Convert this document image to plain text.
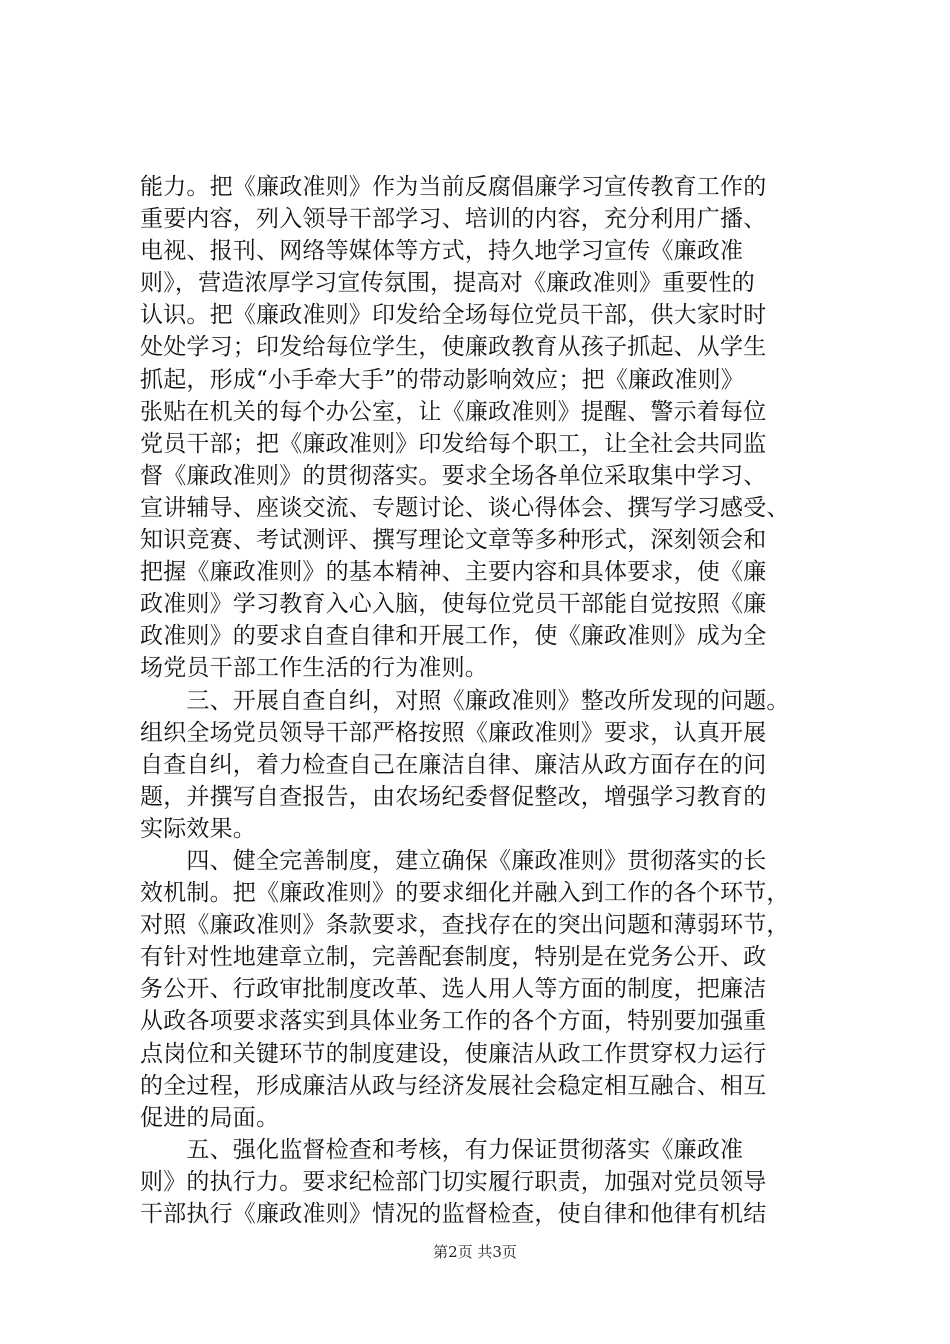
能力。把《廉政准则》作为当前反腐倡廉学习宣传教育工作的
重要内容，列入领导干部学习、培训的内容，充分利用广播、
电视、报刊、网络等媒体等方式，持久地学习宣传《廉政准
则》，营造浓厚学习宣传氛围，提高对《廉政准则》重要性的
认识。把《廉政准则》印发给全场每位党员干部，供大家时时
处处学习；印发给每位学生，使廉政教育从孩子抓起、从学生
抓起，形成“小手牵大手”的带动影响效应；把《廉政准则》
张贴在机关的每个办公室，让《廉政准则》提醒、警示着每位
党员干部；把《廉政准则》印发给每个职工，让全社会共同监
督《廉政准则》的贯彻落实。要求全场各单位采取集中学习、
宣讲辅导、座谈交流、专题讨论、谈心得体会、撰写学习感受、
知识竞赛、考试测评、撰写理论文章等多种形式，深刻领会和
把握《廉政准则》的基本精神、主要内容和具体要求，使《廉
政准则》学习教育入心入脑，使每位党员干部能自觉按照《廉
政准则》的要求自查自律和开展工作，使《廉政准则》成为全
场党员干部工作生活的行为准则。
　　三、开展自查自纠，对照《廉政准则》整改所发现的问题。
组织全场党员领导干部严格按照《廉政准则》要求，认真开展
自查自纠，着力检查自己在廉洁自律、廉洁从政方面存在的问
题，并撰写自查报告，由农场纪委督促整改，增强学习教育的
实际效果。
　　四、健全完善制度，建立确保《廉政准则》贯彻落实的长
效机制。把《廉政准则》的要求细化并融入到工作的各个环节，
对照《廉政准则》条款要求，查找存在的突出问题和薄弱环节，
有针对性地建章立制，完善配套制度，特别是在党务公开、政
务公开、行政审批制度改革、选人用人等方面的制度，把廉洁
从政各项要求落实到具体业务工作的各个方面，特别要加强重
点岗位和关键环节的制度建设，使廉洁从政工作贯穿权力运行
的全过程，形成廉洁从政与经济发展社会稳定相互融合、相互
促进的局面。
　　五、强化监督检查和考核，有力保证贯彻落实《廉政准
则》的执行力。要求纪检部门切实履行职责，加强对党员领导
干部执行《廉政准则》情况的监督检查，使自律和他律有机结
第2页 共3页
